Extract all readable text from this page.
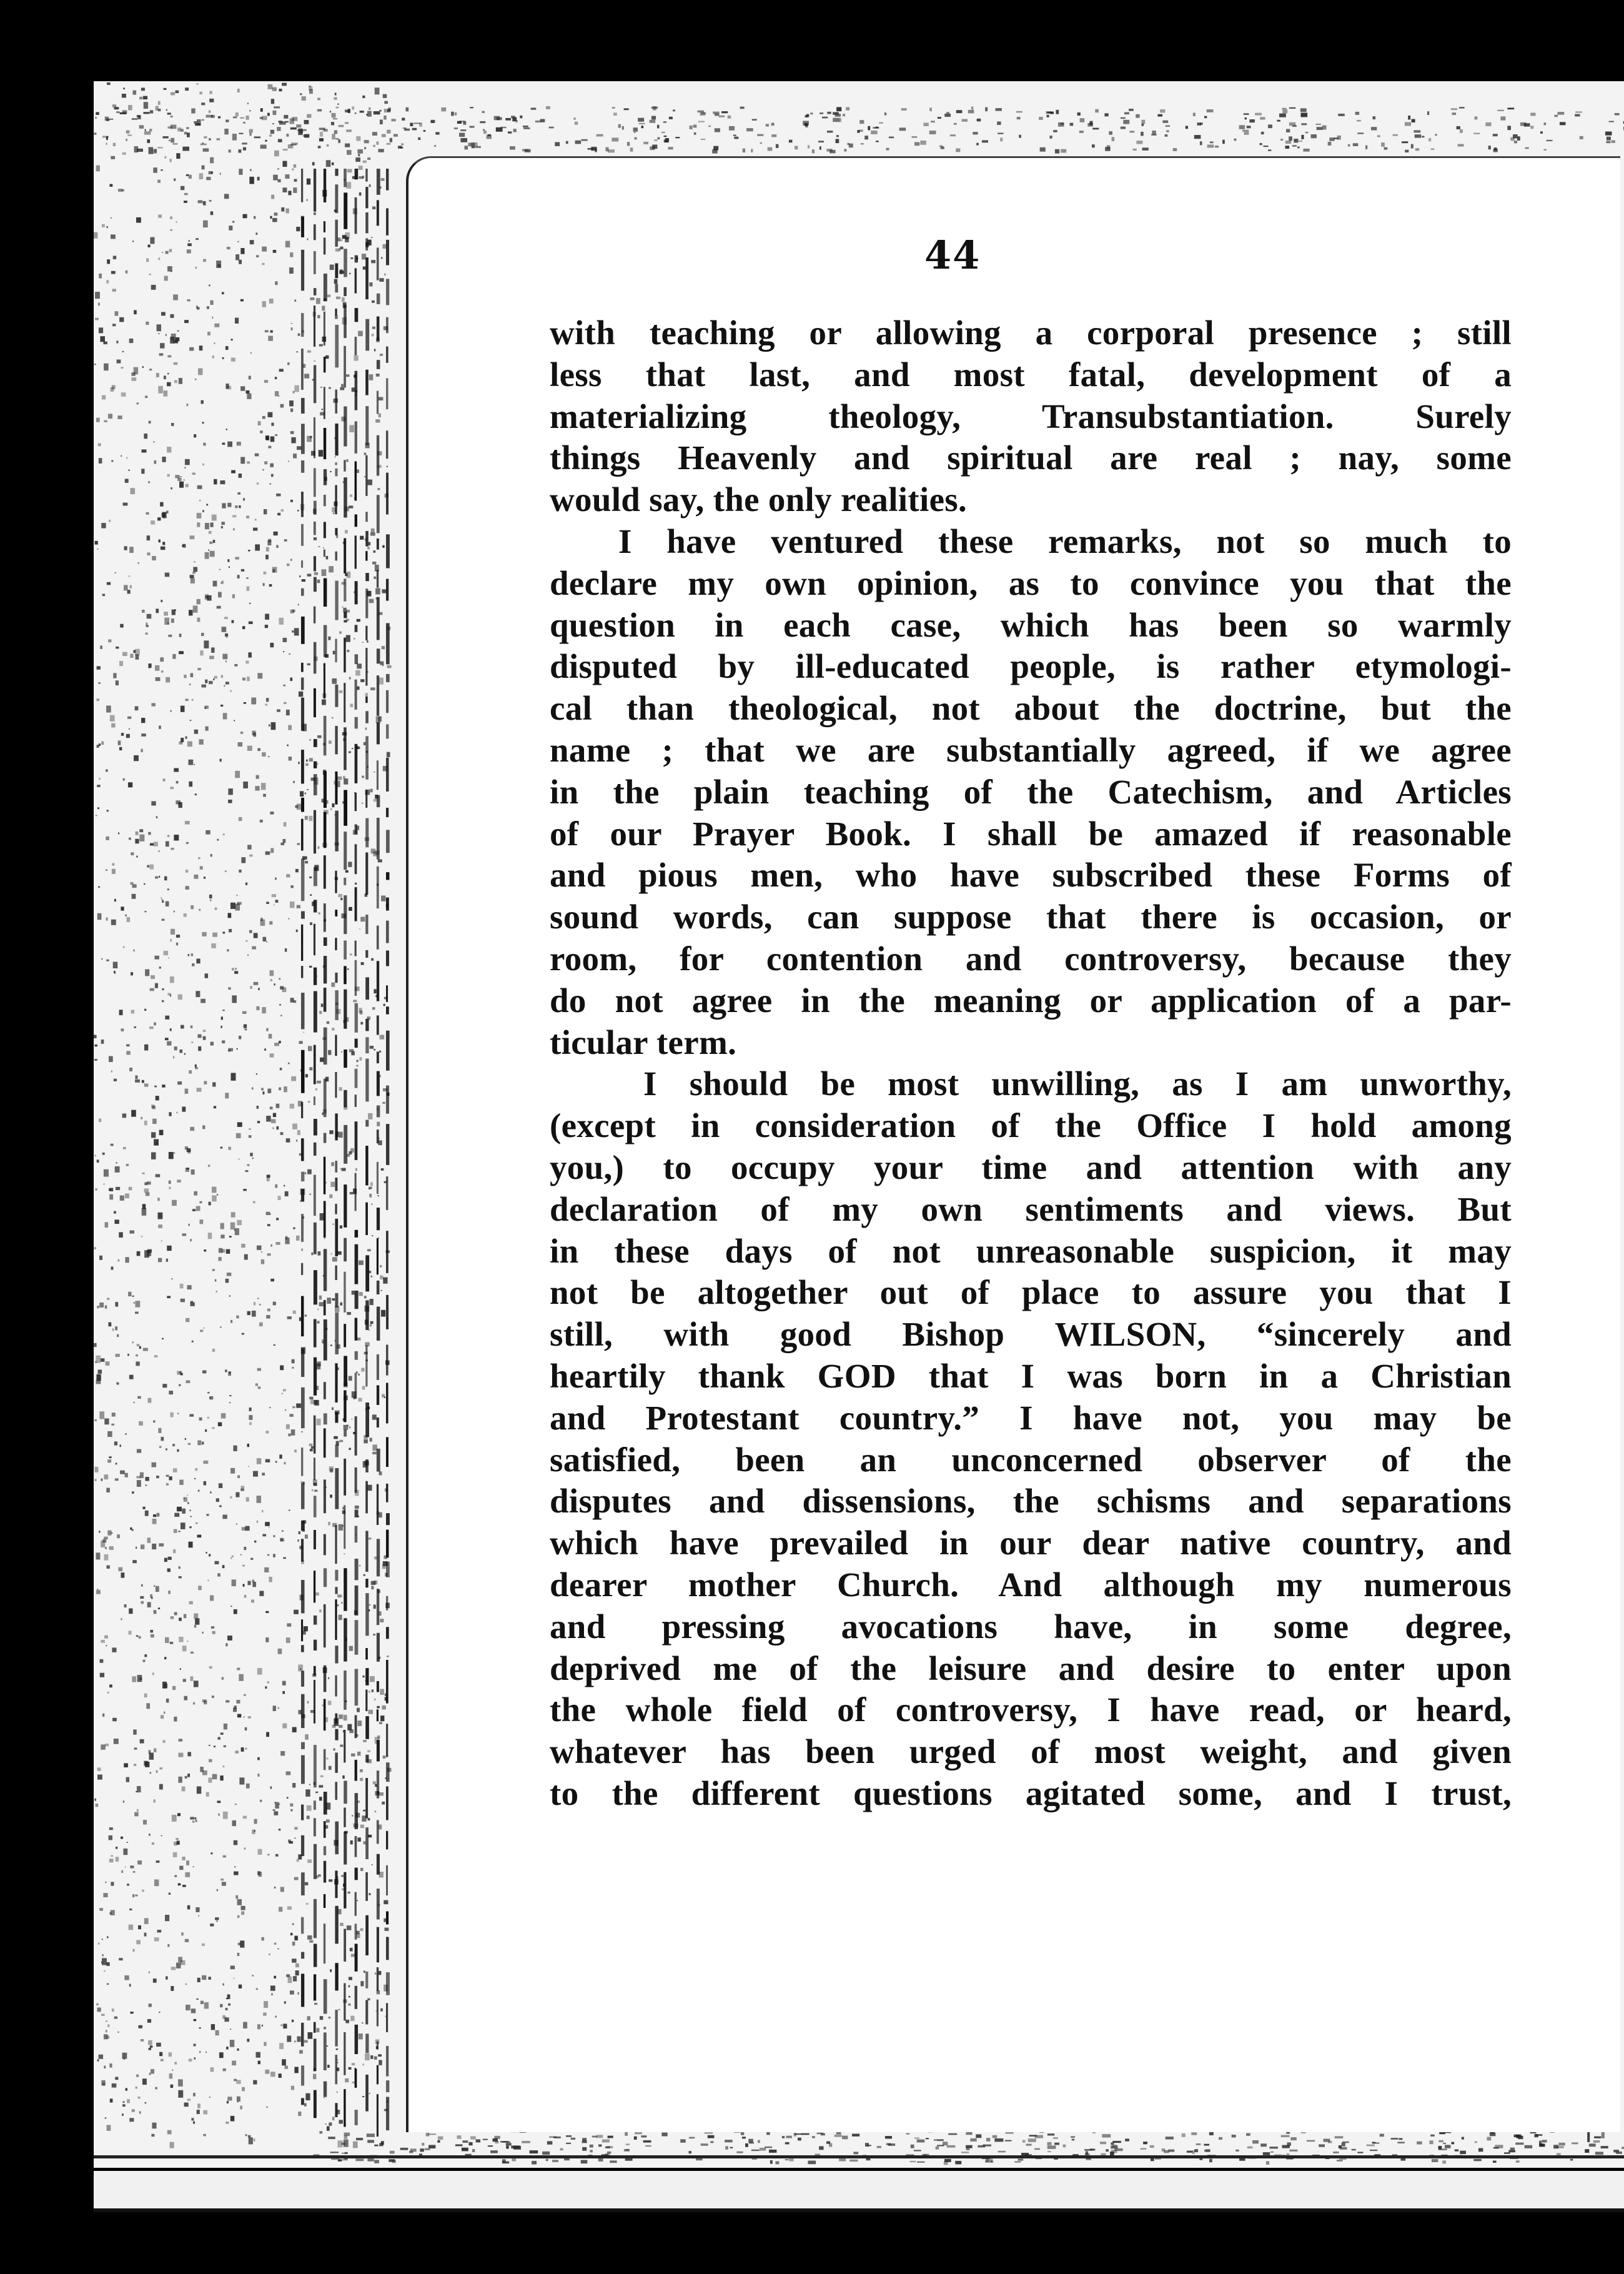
44
with teaching or allowing a corporal presence ; still
less that last, and most fatal, development of a
materializing theology, Transubstantiation. Surely
things Heavenly and spiritual are real ; nay, some
would say, the only realities.
I have ventured these remarks, not so much to
declare my own opinion, as to convince you that the
question in each case, which has been so warmly
disputed by ill-educated people, is rather etymologi-
cal than theological, not about the doctrine, but the
name ; that we are substantially agreed, if we agree
in the plain teaching of the Catechism, and Articles
of our Prayer Book. I shall be amazed if reasonable
and pious men, who have subscribed these Forms of
sound words, can suppose that there is occasion, or
room, for contention and controversy, because they
do not agree in the meaning or application of a par-
ticular term.
I should be most unwilling, as I am unworthy,
(except in consideration of the Office I hold among
you,) to occupy your time and attention with any
declaration of my own sentiments and views. But
in these days of not unreasonable suspicion, it may
not be altogether out of place to assure you that I
still, with good Bishop WILSON, “sincerely and
heartily thank GOD that I was born in a Christian
and Protestant country.” I have not, you may be
satisfied, been an unconcerned observer of the
disputes and dissensions, the schisms and separations
which have prevailed in our dear native country, and
dearer mother Church. And although my numerous
and pressing avocations have, in some degree,
deprived me of the leisure and desire to enter upon
the whole field of controversy, I have read, or heard,
whatever has been urged of most weight, and given
to the different questions agitated some, and I trust,
